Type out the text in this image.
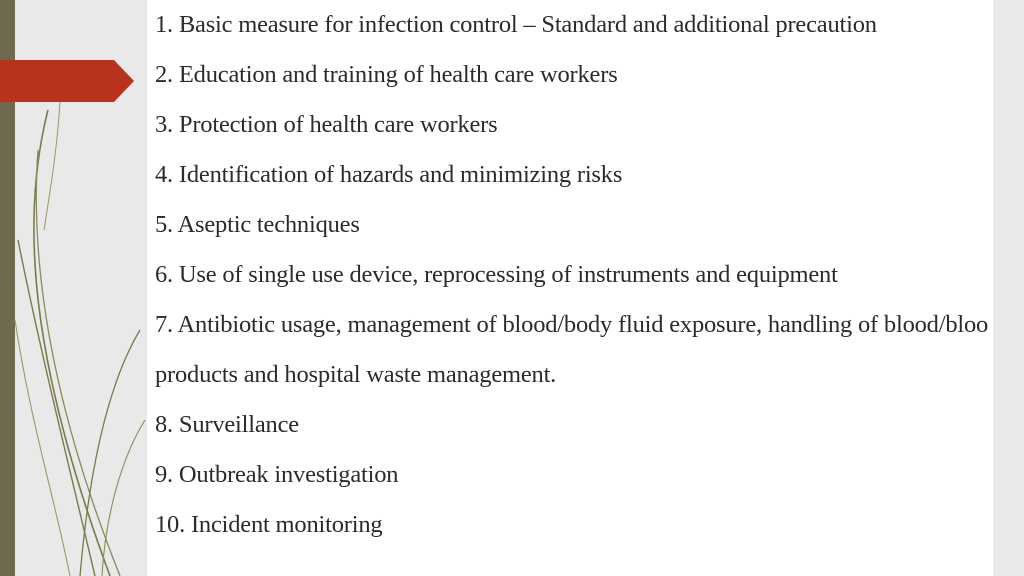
1. Basic measure for infection control – Standard and additional precaution
2. Education and training of health care workers
3. Protection of health care workers
4. Identification of hazards and minimizing risks
5. Aseptic techniques
6. Use of single use device, reprocessing of instruments and equipment
7. Antibiotic usage, management of blood/body fluid exposure, handling of blood/bloo
products and hospital waste management.
8. Surveillance
9. Outbreak investigation
10. Incident monitoring
